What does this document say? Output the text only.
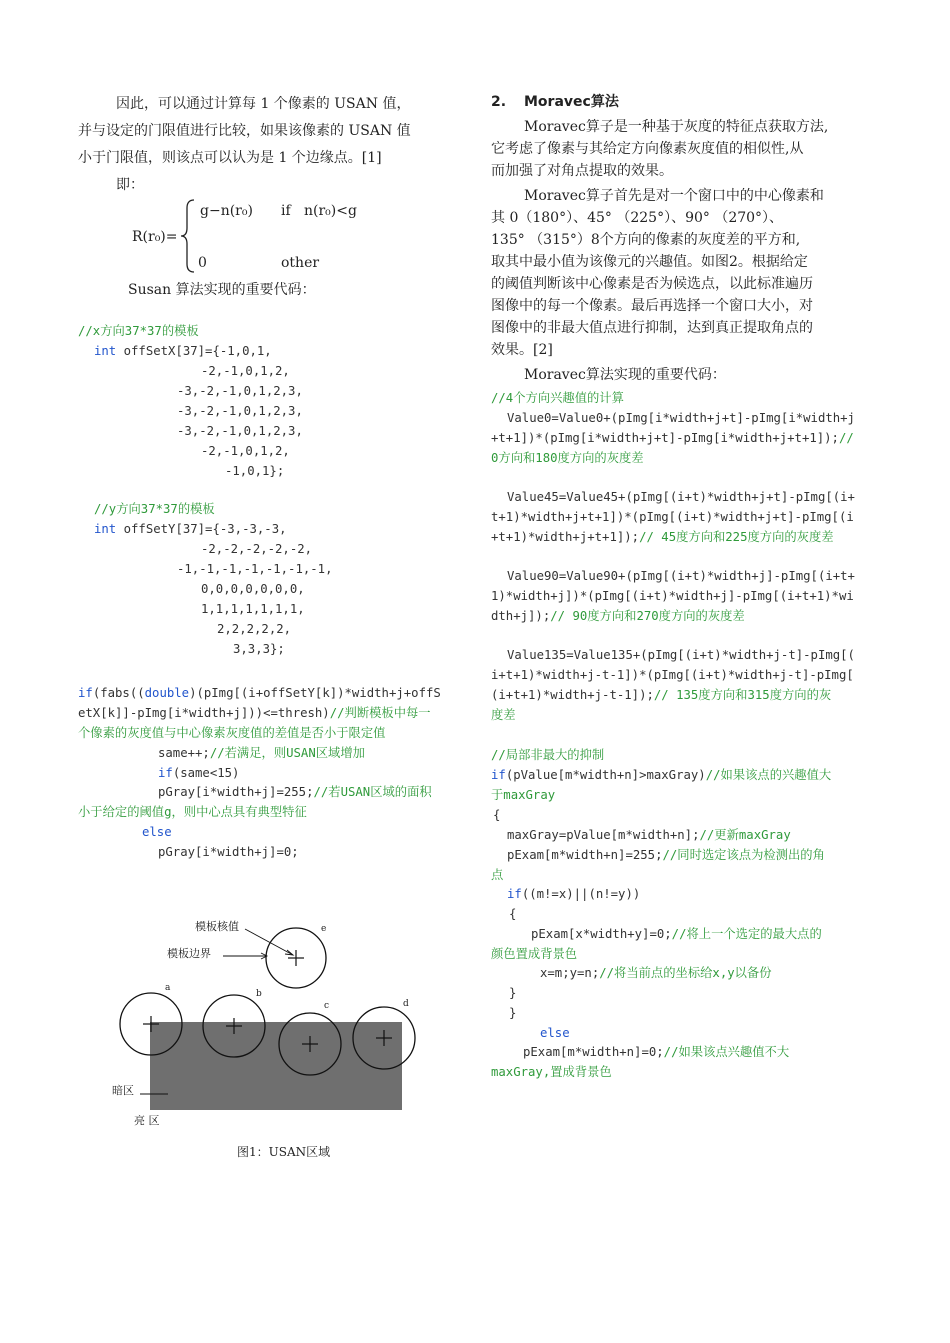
因此，可以通过计算每 1 个像素的 USAN 值，
并与设定的门限值进行比较，如果该像素的 USAN 值
小于门限值，则该点可以认为是 1 个边缘点。[1]
即：
R(r₀)=
g−n(r₀) if   n(r₀)<g
0	other
Susan 算法实现的重要代码：
//x方向37*37的模板
int offSetX[37]={-1,0,1,
-2,-1,0,1,2,
-3,-2,-1,0,1,2,3,
-3,-2,-1,0,1,2,3,
-3,-2,-1,0,1,2,3,
-2,-1,0,1,2,
-1,0,1};
//y方向37*37的模板
int offSetY[37]={-3,-3,-3,
-2,-2,-2,-2,-2,
-1,-1,-1,-1,-1,-1,-1,
0,0,0,0,0,0,0,
1,1,1,1,1,1,1,
2,2,2,2,2,
3,3,3};
if(fabs((double)(pImg[(i+offSetY[k])*width+j+offS
etX[k]]-pImg[i*width+j]))<=thresh)//判断模板中每一
个像素的灰度值与中心像素灰度值的差值是否小于限定值
same++;//若满足，则USAN区域增加
if(same<15)
pGray[i*width+j]=255;//若USAN区域的面积
小于给定的阈值g，则中心点具有典型特征
else
pGray[i*width+j]=0;
模板核值
模板边界
a
b
c	d
e
暗区
亮 区
图1：USAN区域
2. Moravec算法
Moravec算子是一种基于灰度的特征点获取方法,
它考虑了像素与其给定方向像素灰度值的相似性,从
而加强了对角点提取的效果。
Moravec算子首先是对一个窗口中的中心像素和
其 0（180°）、45° （225°）、90° （270°）、
135° （315°）8个方向的像素的灰度差的平方和,
取其中最小值为该像元的兴趣值。如图2。根据给定
的阈值判断该中心像素是否为候选点，以此标准遍历
图像中的每一个像素。最后再选择一个窗口大小，对
图像中的非最大值点进行抑制，达到真正提取角点的
效果。[2]
Moravec算法实现的重要代码：
//4个方向兴趣值的计算
Value0=Value0+(pImg[i*width+j+t]-pImg[i*width+j
+t+1])*(pImg[i*width+j+t]-pImg[i*width+j+t+1]);//
0方向和180度方向的灰度差
Value45=Value45+(pImg[(i+t)*width+j+t]-pImg[(i+
t+1)*width+j+t+1])*(pImg[(i+t)*width+j+t]-pImg[(i
+t+1)*width+j+t+1]);// 45度方向和225度方向的灰度差
Value90=Value90+(pImg[(i+t)*width+j]-pImg[(i+t+
1)*width+j])*(pImg[(i+t)*width+j]-pImg[(i+t+1)*wi
dth+j]);// 90度方向和270度方向的灰度差
Value135=Value135+(pImg[(i+t)*width+j-t]-pImg[(
i+t+1)*width+j-t-1])*(pImg[(i+t)*width+j-t]-pImg[
(i+t+1)*width+j-t-1]);// 135度方向和315度方向的灰
度差
//局部非最大的抑制
if(pValue[m*width+n]>maxGray)//如果该点的兴趣值大
于maxGray
{
maxGray=pValue[m*width+n];//更新maxGray
pExam[m*width+n]=255;//同时选定该点为检测出的角
点
if((m!=x)||(n!=y))
{
pExam[x*width+y]=0;//将上一个选定的最大点的
颜色置成背景色
x=m;y=n;//将当前点的坐标给x,y以备份
}
}
else
pExam[m*width+n]=0;//如果该点兴趣值不大
maxGray,置成背景色
